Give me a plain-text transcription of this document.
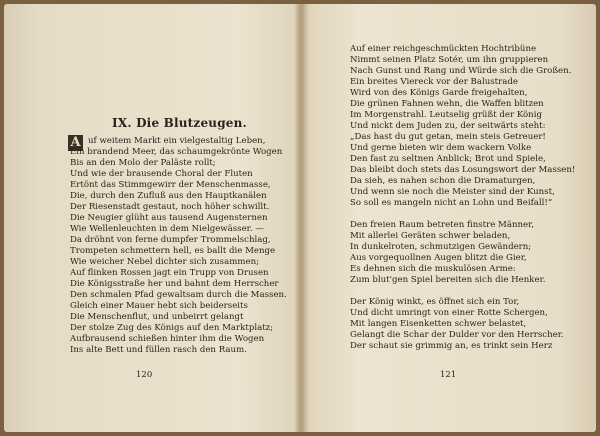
IX. Die Blutzeugen.
A uf weitem Markt ein vielgestaltig Leben,
Ein brandend Meer, das schaumgekrönte Wogen
Bis an den Molo der Paläste rollt;
Und wie der brausende Choral der Fluten
Ertönt das Stimmgewirr der Menschenmasse,
Die, durch den Zufluß aus den Hauptkanälen
Der Riesenstadt gestaut, noch höher schwillt.
Die Neugier glüht aus tausend Augensternen
Wie Wellenleuchten in dem Nielgewässer. —
Da dröhnt von ferne dumpfer Trommelschlag,
Trompeten schmettern hell, es ballt die Menge
Wie weicher Nebel dichter sich zusammen;
Auf flinken Rossen jagt ein Trupp von Drusen
Die Königsstraße her und bahnt dem Herrscher
Den schmalen Pfad gewaltsam durch die Massen.
Gleich einer Mauer hebt sich beiderseits
Die Menschenflut, und unbeirrt gelangt
Der stolze Zug des Königs auf den Marktplatz;
Aufbrausend schießen hinter ihm die Wogen
Ins alte Bett und füllen rasch den Raum.
120
Auf einer reichgeschmückten Hochtribüne
Nimmt seinen Platz Sotér, um ihn gruppieren
Nach Gunst und Rang und Würde sich die Großen.
Ein breites Viereck vor der Balustrade
Wird von des Königs Garde freigehalten,
Die grünen Fahnen wehn, die Waffen blitzen
Im Morgenstrahl. Leutselig grüßt der König
Und nickt dem Juden zu, der seitwärts steht:
„Das hast du gut getan, mein steis Getreuer!
Und gerne bieten wir dem wackern Volke
Den fast zu seltnen Anblick; Brot und Spiele,
Das bleibt doch stets das Losungswort der Massen!
Da sieh, es nahen schon die Dramaturgen,
Und wenn sie noch die Meister sind der Kunst,
So soll es mangeln nicht an Lohn und Beifall!“
Den freien Raum betreten finstre Männer,
Mit allerlei Geräten schwer beladen,
In dunkelroten, schmutzigen Gewändern;
Aus vorgequollnen Augen blitzt die Gier,
Es dehnen sich die muskulösen Arme:
Zum blut'gen Spiel bereiten sich die Henker.
Der König winkt, es öffnet sich ein Tor,
Und dicht umringt von einer Rotte Schergen,
Mit langen Eisenketten schwer belastet,
Gelangt die Schar der Dulder vor den Herrscher.
Der schaut sie grimmig an, es trinkt sein Herz
121
